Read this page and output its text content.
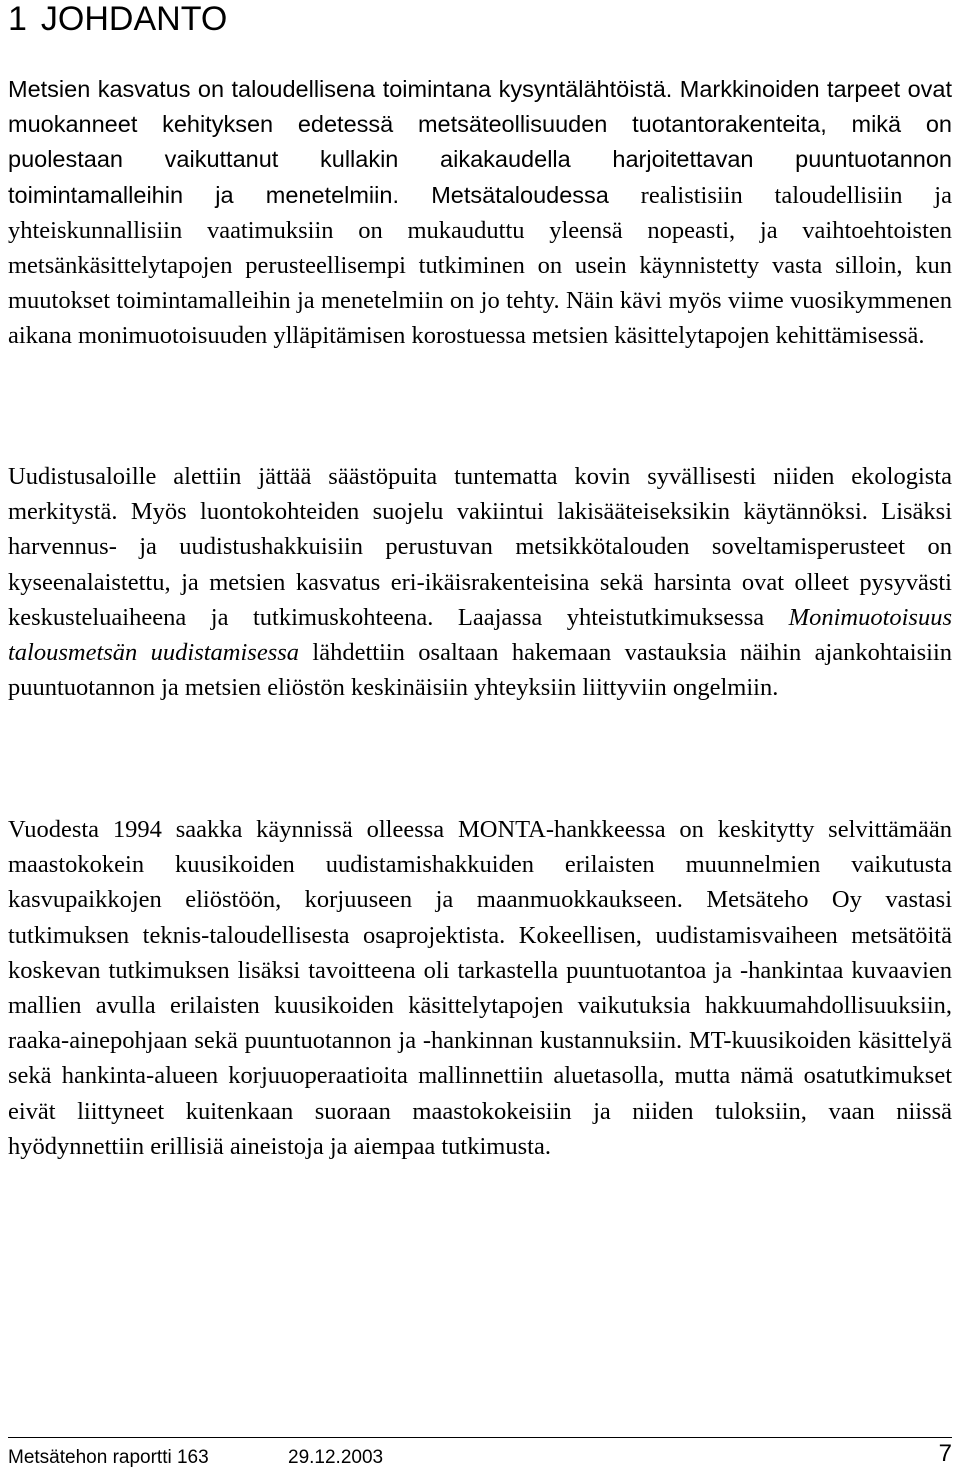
1 JOHDANTO

Metsien kasvatus on taloudellisena toimintana kysyntälähtöistä. Markkinoiden tarpeet ovat muokanneet kehityksen edetessä metsäteollisuuden tuotantorakenteita, mikä on puolestaan vaikuttanut kullakin aikakaudella harjoitettavan puuntuotannon toimintamalleihin ja menetelmiin. Metsätaloudessa realistisiin taloudellisiin ja yhteiskunnallisiin vaatimuksiin on mukauduttu yleensä nopeasti, ja vaihtoehtoisten metsänkäsittelytapojen perusteellisempi tutkiminen on usein käynnistetty vasta silloin, kun muutokset toimintamalleihin ja menetelmiin on jo tehty. Näin kävi myös viime vuosikymmenen aikana monimuotoisuuden ylläpitämisen korostuessa metsien käsittelytapojen kehittämisessä.

Uudistusaloille alettiin jättää säästöpuita tuntematta kovin syvällisesti niiden ekologista merkitystä. Myös luontokohteiden suojelu vakiintui lakisääteiseksikin käytännöksi. Lisäksi harvennus- ja uudistushakkuisiin perustuvan metsikkötalouden soveltamisperusteet on kyseenalaistettu, ja metsien kasvatus eri-ikäisrakenteisina sekä harsinta ovat olleet pysyvästi keskusteluaiheena ja tutkimuskohteena. Laajassa yhteistutkimuksessa Monimuotoisuus talousmetsän uudistamisessa lähdettiin osaltaan hakemaan vastauksia näihin ajankohtaisiin puuntuotannon ja metsien eliöstön keskinäisiin yhteyksiin liittyviin ongelmiin.

Vuodesta 1994 saakka käynnissä olleessa MONTA-hankkeessa on keskitytty selvittämään maastokokein kuusikoiden uudistamishakkuiden erilaisten muunnelmien vaikutusta kasvupaikkojen eliöstöön, korjuuseen ja maanmuokkaukseen. Metsäteho Oy vastasi tutkimuksen teknis-taloudellisesta osaprojektista. Kokeellisen, uudistamisvaiheen metsätöitä koskevan tutkimuksen lisäksi tavoitteena oli tarkastella puuntuotantoa ja -hankintaa kuvaavien mallien avulla erilaisten kuusikoiden käsittelytapojen vaikutuksia hakkuumahdollisuuksiin, raaka-ainepohjaan sekä puuntuotannon ja -hankinnan kustannuksiin. MT-kuusikoiden käsittelyä sekä hankinta-alueen korjuuoperaatioita mallinnettiin aluetasolla, mutta nämä osatutkimukset eivät liittyneet kuitenkaan suoraan maastokokeisiin ja niiden tuloksiin, vaan niissä hyödynnettiin erillisiä aineistoja ja aiempaa tutkimusta.

Metsätehon raportti 163	29.12.2003	7
